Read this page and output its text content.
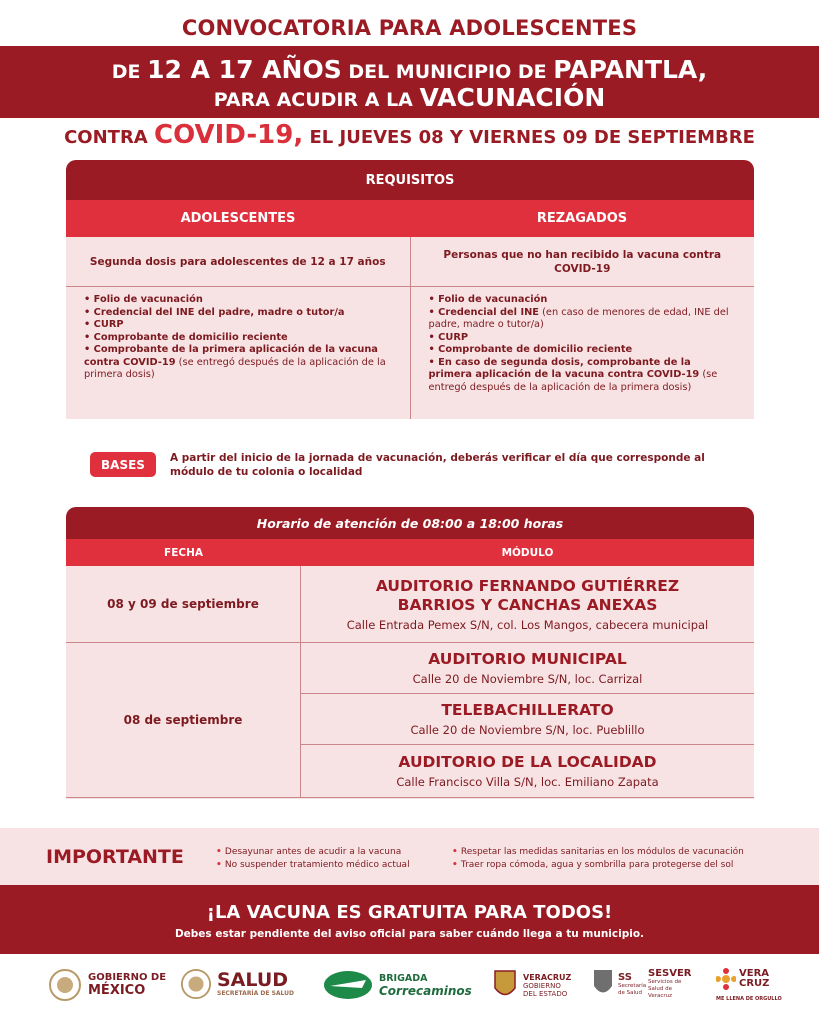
CONVOCATORIA PARA ADOLESCENTES
DE 12 A 17 AÑOS DEL MUNICIPIO DE PAPANTLA,
PARA ACUDIR A LA VACUNACIÓN
CONTRA COVID-19, EL JUEVES 08 Y VIERNES 09 DE SEPTIEMBRE
REQUISITOS
ADOLESCENTES	REZAGADOS
Segunda dosis para adolescentes de 12 a 17 años
Personas que no han recibido la vacuna contra COVID-19
• Folio de vacunación
• Credencial del INE del padre, madre o tutor/a
• CURP
• Comprobante de domicilio reciente
• Comprobante de la primera aplicación de la vacuna contra COVID-19 (se entregó después de la aplicación de la primera dosis)
• Folio de vacunación
• Credencial del INE (en caso de menores de edad, INE del padre, madre o tutor/a)
• CURP
• Comprobante de domicilio reciente
• En caso de segunda dosis, comprobante de la primera aplicación de la vacuna contra COVID-19 (se entregó después de la aplicación de la primera dosis)
BASES	A partir del inicio de la jornada de vacunación, deberás verificar el día que corresponde al módulo de tu colonia o localidad
Horario de atención de 08:00 a 18:00 horas
FECHA	MÓDULO
08 y 09 de septiembre
AUDITORIO FERNANDO GUTIÉRREZ BARRIOS Y CANCHAS ANEXAS
Calle Entrada Pemex S/N, col. Los Mangos, cabecera municipal
08 de septiembre
AUDITORIO MUNICIPAL
Calle 20 de Noviembre S/N, loc. Carrizal
TELEBACHILLERATO
Calle 20 de Noviembre S/N, loc. Pueblillo
AUDITORIO DE LA LOCALIDAD
Calle Francisco Villa S/N, loc. Emiliano Zapata
IMPORTANTE
•	Desayunar antes de acudir a la vacuna
• No suspender tratamiento médico actual
• Respetar las medidas sanitarias en los módulos de vacunación
• Traer ropa cómoda, agua y sombrilla para protegerse del sol
¡LA VACUNA ES GRATUITA PARA TODOS!
Debes estar pendiente del aviso oficial para saber cuándo llega a tu municipio.
GOBIERNO DE
MÉXICO	SALUD
SECRETARÍA DE SALUD
BRIGADA
Correcaminos
VERACRUZ
GOBIERNO
DEL ESTADO
SS
Secretaría de Salud
SESVER
Servicios de Salud de Veracruz
VERA
CRUZ
ME LLENA DE ORGULLO
